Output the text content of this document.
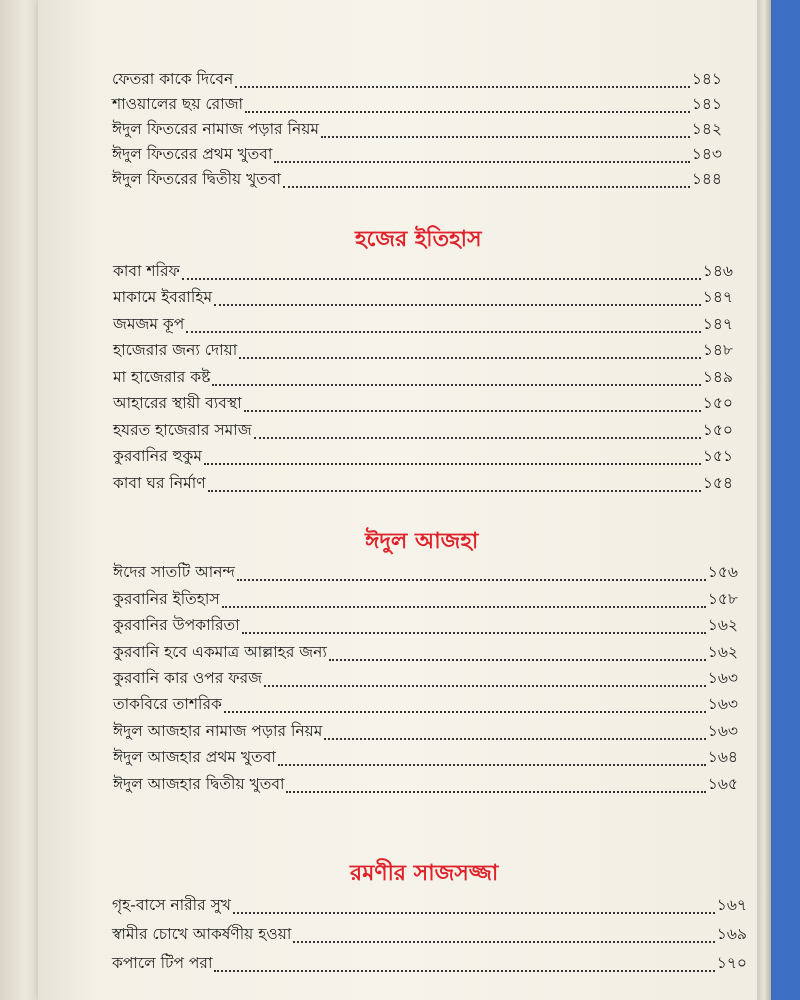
ফেতরা কাকে দিবেন	১৪১
শাওয়ালের ছয় রোজা	১৪১
ঈদুল ফিতরের নামাজ পড়ার নিয়ম	১৪২
ঈদুল ফিতরের প্রথম খুতবা	১৪৩
ঈদুল ফিতরের দ্বিতীয় খুতবা	১৪৪
হজের ইতিহাস
কাবা শরিফ	১৪৬
মাকামে ইবরাহিম	১৪৭
জমজম কূপ	১৪৭
হাজেরার জন্য দোয়া	১৪৮
মা হাজেরার কষ্ট	১৪৯
আহারের স্থায়ী ব্যবস্থা	১৫০
হযরত হাজেরার সমাজ	১৫০
কুরবানির হুকুম	১৫১
কাবা ঘর নির্মাণ	১৫৪
ঈদুল আজহা
ঈদের সাতটি আনন্দ	১৫৬
কুরবানির ইতিহাস	১৫৮
কুরবানির উপকারিতা	১৬২
কুরবানি হবে একমাত্র আল্লাহর জন্য	১৬২
কুরবানি কার ওপর ফরজ	১৬৩
তাকবিরে তাশরিক	১৬৩
ঈদুল আজহার নামাজ পড়ার নিয়ম	১৬৩
ঈদুল আজহার প্রথম খুতবা	১৬৪
ঈদুল আজহার দ্বিতীয় খুতবা	১৬৫
রমণীর সাজসজ্জা
গৃহ-বাসে নারীর সুখ	১৬৭
স্বামীর চোখে আকর্ষণীয় হওয়া	১৬৯
কপালে টিপ পরা	১৭০
